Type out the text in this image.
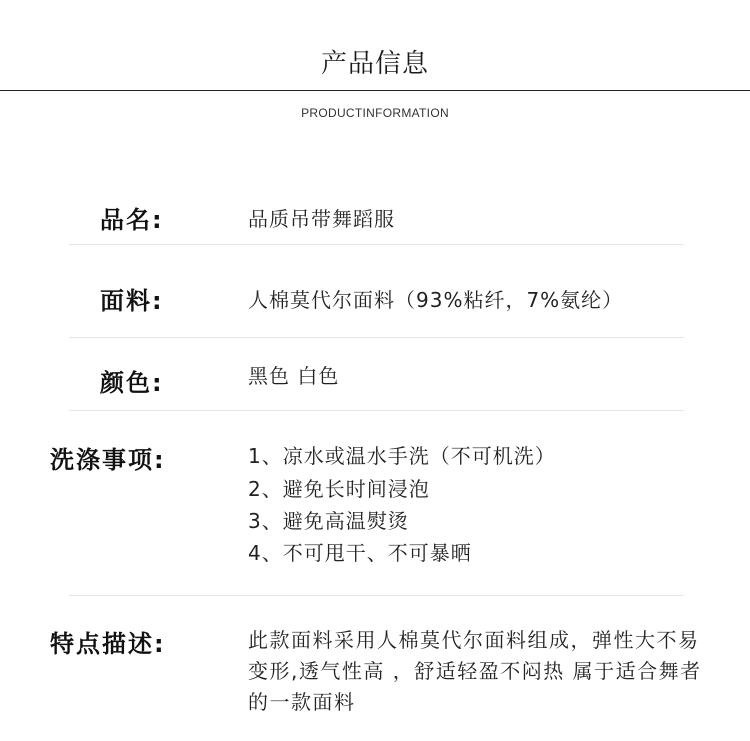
产品信息
PRODUCTINFORMATION
品名:	品质吊带舞蹈服
面料:	人棉莫代尔面料（93%粘纤，7%氨纶）
颜色:	黑色 白色
洗涤事项:	1、凉水或温水手洗（不可机洗）
2、避免长时间浸泡
3、避免高温熨烫
4、不可甩干、不可暴晒
特点描述:	此款面料采用人棉莫代尔面料组成，弹性大不易
变形,透气性高 ，舒适轻盈不闷热 属于适合舞者
的一款面料
